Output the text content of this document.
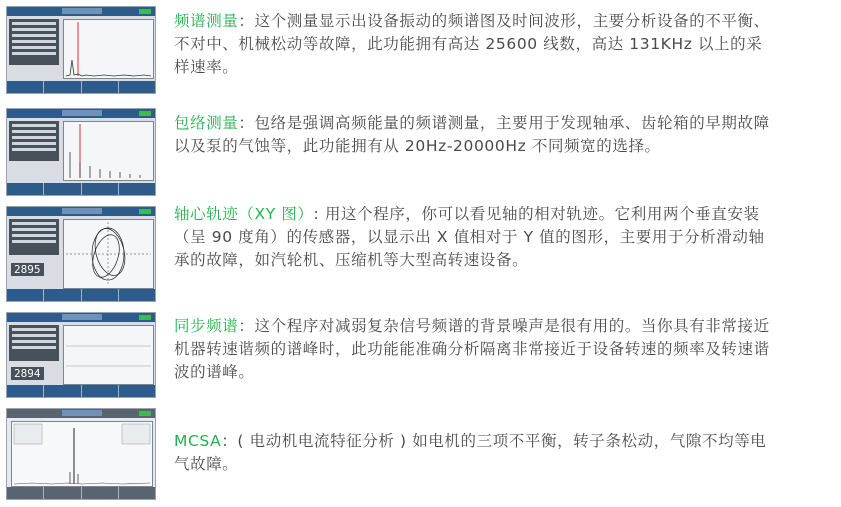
频谱测量：这个测量显示出设备振动的频谱图及时间波形，主要分析设备的不平衡、不对中、机械松动等故障，此功能拥有高达 25600 线数，高达 131KHz 以上的采样速率。
包络测量：包络是强调高频能量的频谱测量，主要用于发现轴承、齿轮箱的早期故障以及泵的气蚀等，此功能拥有从 20Hz-20000Hz 不同频宽的选择。
2895
轴心轨迹（XY 图）: 用这个程序，你可以看见轴的相对轨迹。它利用两个垂直安装（呈 90 度角）的传感器，以显示出 X 值相对于 Y 值的图形，主要用于分析滑动轴承的故障，如汽轮机、压缩机等大型高转速设备。
2894
同步频谱：这个程序对减弱复杂信号频谱的背景噪声是很有用的。当你具有非常接近机器转速谐频的谱峰时，此功能能准确分析隔离非常接近于设备转速的频率及转速谐波的谱峰。
MCSA：( 电动机电流特征分析 ) 如电机的三项不平衡，转子条松动，气隙不均等电气故障。
